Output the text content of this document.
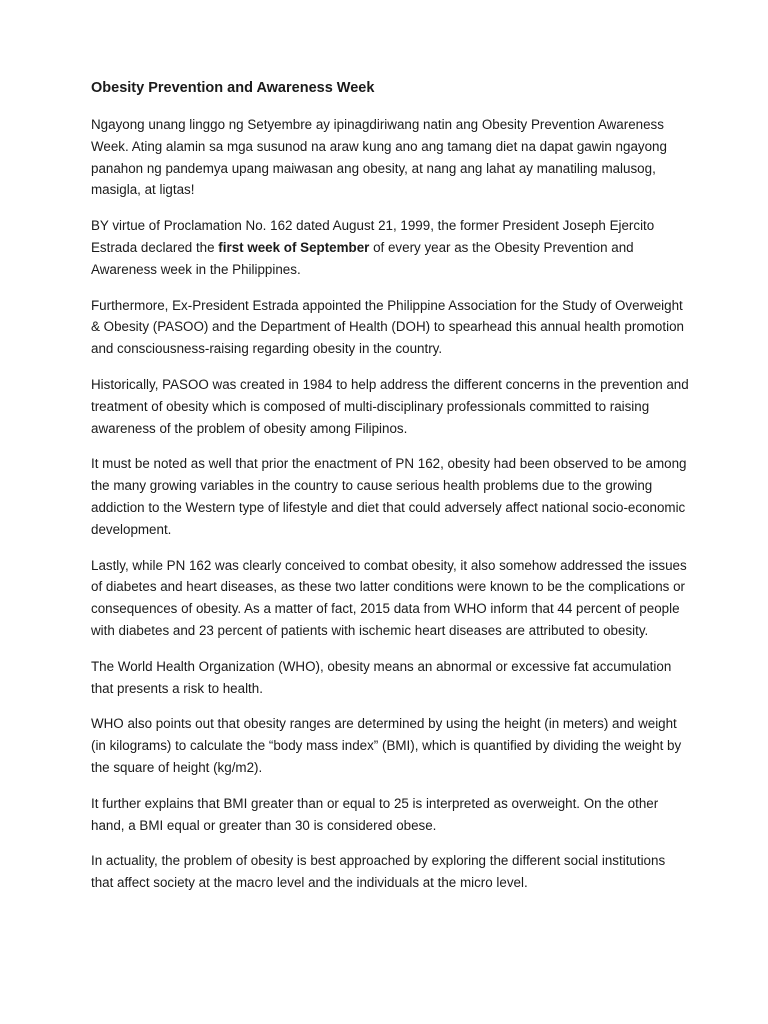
Obesity Prevention and Awareness Week

Ngayong unang linggo ng Setyembre ay ipinagdiriwang natin ang Obesity Prevention Awareness Week. Ating alamin sa mga susunod na araw kung ano ang tamang diet na dapat gawin ngayong panahon ng pandemya upang maiwasan ang obesity, at nang ang lahat ay manatiling malusog, masigla, at ligtas!

BY virtue of Proclamation No. 162 dated August 21, 1999, the former President Joseph Ejercito Estrada declared the first week of September of every year as the Obesity Prevention and Awareness week in the Philippines.

Furthermore, Ex-President Estrada appointed the Philippine Association for the Study of Overweight & Obesity (PASOO) and the Department of Health (DOH) to spearhead this annual health promotion and consciousness-raising regarding obesity in the country.

Historically, PASOO was created in 1984 to help address the different concerns in the prevention and treatment of obesity which is composed of multi-disciplinary professionals committed to raising awareness of the problem of obesity among Filipinos.

It must be noted as well that prior the enactment of PN 162, obesity had been observed to be among the many growing variables in the country to cause serious health problems due to the growing addiction to the Western type of lifestyle and diet that could adversely affect national socio-economic development.

Lastly, while PN 162 was clearly conceived to combat obesity, it also somehow addressed the issues of diabetes and heart diseases, as these two latter conditions were known to be the complications or consequences of obesity. As a matter of fact, 2015 data from WHO inform that 44 percent of people with diabetes and 23 percent of patients with ischemic heart diseases are attributed to obesity.

The World Health Organization (WHO), obesity means an abnormal or excessive fat accumulation that presents a risk to health.

WHO also points out that obesity ranges are determined by using the height (in meters) and weight (in kilograms) to calculate the “body mass index” (BMI), which is quantified by dividing the weight by the square of height (kg/m2).

It further explains that BMI greater than or equal to 25 is interpreted as overweight. On the other hand, a BMI equal or greater than 30 is considered obese.

In actuality, the problem of obesity is best approached by exploring the different social institutions that affect society at the macro level and the individuals at the micro level.
